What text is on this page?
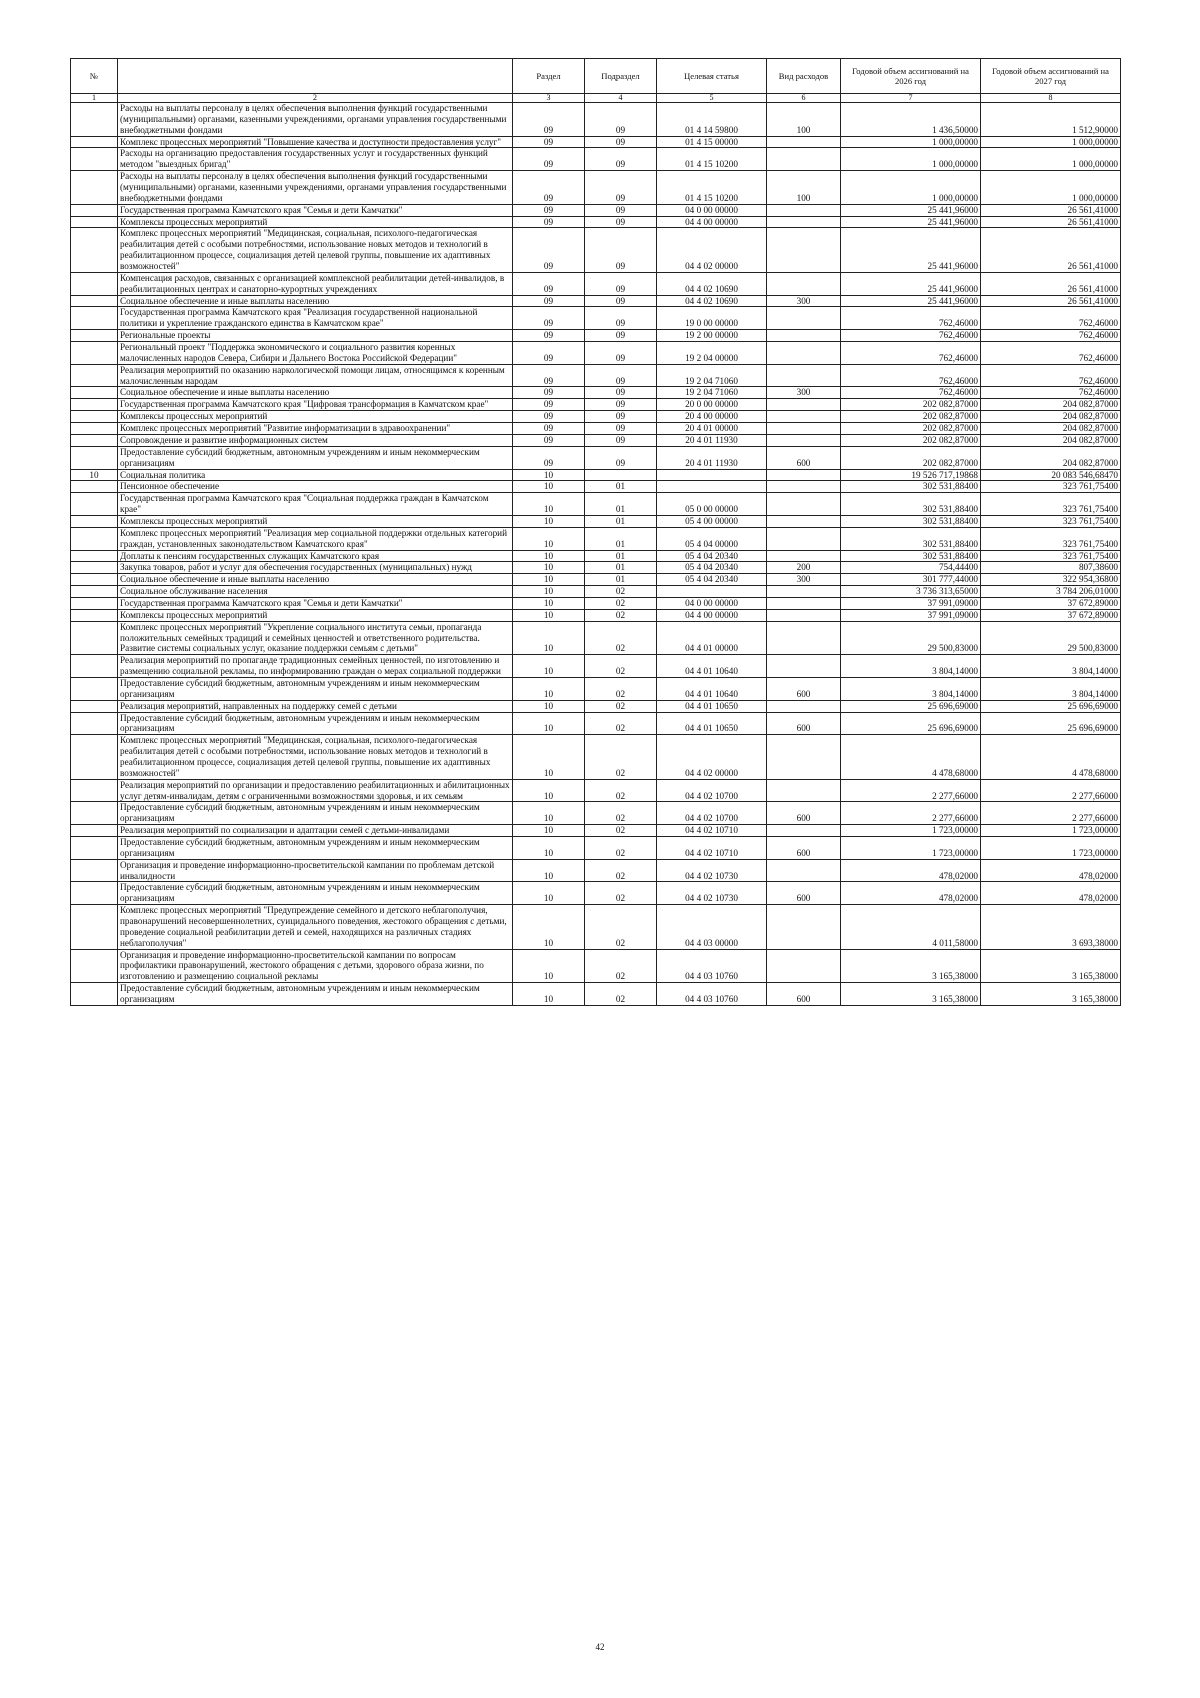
№		Раздел	Подраздел	Целевая статья	Вид расходов	Годовой объем ассигнований на 2026 год	Годовой объем ассигнований на 2027 год
1	2	3	4	5	6	7	8
	Расходы на выплаты персоналу в целях обеспечения выполнения функций государственными (муниципальными) органами, казенными учреждениями, органами управления государственными внебюджетными фондами	09	09	01 4 14 59800	100	1 436,50000	1 512,90000
	Комплекс процессных мероприятий "Повышение качества и доступности предоставления услуг"	09	09	01 4 15 00000		1 000,00000	1 000,00000
	Расходы на организацию предоставления государственных услуг и государственных функций методом "выездных бригад"	09	09	01 4 15 10200		1 000,00000	1 000,00000
	Расходы на выплаты персоналу в целях обеспечения выполнения функций государственными (муниципальными) органами, казенными учреждениями, органами управления государственными внебюджетными фондами	09	09	01 4 15 10200	100	1 000,00000	1 000,00000
	Государственная программа Камчатского края "Семья и дети Камчатки"	09	09	04 0 00 00000		25 441,96000	26 561,41000
	Комплексы процессных мероприятий	09	09	04 4 00 00000		25 441,96000	26 561,41000
	Комплекс процессных мероприятий "Медицинская, социальная, психолого-педагогическая реабилитация детей с особыми потребностями, использование новых методов и технологий в реабилитационном процессе, социализация детей целевой группы, повышение их адаптивных возможностей"	09	09	04 4 02 00000		25 441,96000	26 561,41000
	Компенсация расходов, связанных с организацией комплексной реабилитации детей-инвалидов, в реабилитационных центрах и санаторно-курортных учреждениях	09	09	04 4 02 10690		25 441,96000	26 561,41000
	Социальное обеспечение и иные выплаты населению	09	09	04 4 02 10690	300	25 441,96000	26 561,41000
	Государственная программа Камчатского края "Реализация государственной национальной политики и укрепление гражданского единства в Камчатском крае"	09	09	19 0 00 00000		762,46000	762,46000
	Региональные проекты	09	09	19 2 00 00000		762,46000	762,46000
	Региональный проект "Поддержка экономического и социального развития коренных малочисленных народов Севера, Сибири и Дальнего Востока Российской Федерации"	09	09	19 2 04 00000		762,46000	762,46000
	Реализация мероприятий по оказанию наркологической помощи лицам, относящимся к коренным малочисленным народам	09	09	19 2 04 71060		762,46000	762,46000
	Социальное обеспечение и иные выплаты населению	09	09	19 2 04 71060	300	762,46000	762,46000
	Государственная программа Камчатского края "Цифровая трансформация в Камчатском крае"	09	09	20 0 00 00000		202 082,87000	204 082,87000
	Комплексы процессных мероприятий	09	09	20 4 00 00000		202 082,87000	204 082,87000
	Комплекс процессных мероприятий "Развитие информатизации в здравоохранении"	09	09	20 4 01 00000		202 082,87000	204 082,87000
	Сопровождение и развитие информационных систем	09	09	20 4 01 11930		202 082,87000	204 082,87000
	Предоставление субсидий бюджетным, автономным учреждениям и иным некоммерческим организациям	09	09	20 4 01 11930	600	202 082,87000	204 082,87000
10	Социальная политика	10				19 526 717,19868	20 083 546,68470
	Пенсионное обеспечение	10	01			302 531,88400	323 761,75400
	Государственная программа Камчатского края "Социальная поддержка граждан в Камчатском крае"	10	01	05 0 00 00000		302 531,88400	323 761,75400
	Комплексы процессных мероприятий	10	01	05 4 00 00000		302 531,88400	323 761,75400
	Комплекс процессных мероприятий "Реализация мер социальной поддержки отдельных категорий граждан, установленных законодательством Камчатского края"	10	01	05 4 04 00000		302 531,88400	323 761,75400
	Доплаты к пенсиям государственных служащих Камчатского края	10	01	05 4 04 20340		302 531,88400	323 761,75400
	Закупка товаров, работ и услуг для обеспечения государственных (муниципальных) нужд	10	01	05 4 04 20340	200	754,44400	807,38600
	Социальное обеспечение и иные выплаты населению	10	01	05 4 04 20340	300	301 777,44000	322 954,36800
	Социальное обслуживание населения	10	02			3 736 313,65000	3 784 206,01000
	Государственная программа Камчатского края "Семья и дети Камчатки"	10	02	04 0 00 00000		37 991,09000	37 672,89000
	Комплексы процессных мероприятий	10	02	04 4 00 00000		37 991,09000	37 672,89000
	Комплекс процессных мероприятий "Укрепление социального института семьи, пропаганда положительных семейных традиций и семейных ценностей и ответственного родительства. Развитие системы социальных услуг, оказание поддержки семьям с детьми"	10	02	04 4 01 00000		29 500,83000	29 500,83000
	Реализация мероприятий по пропаганде традиционных семейных ценностей, по изготовлению и размещению социальной рекламы, по информированию граждан о мерах социальной поддержки	10	02	04 4 01 10640		3 804,14000	3 804,14000
	Предоставление субсидий бюджетным, автономным учреждениям и иным некоммерческим организациям	10	02	04 4 01 10640	600	3 804,14000	3 804,14000
	Реализация мероприятий, направленных на поддержку семей с детьми	10	02	04 4 01 10650		25 696,69000	25 696,69000
	Предоставление субсидий бюджетным, автономным учреждениям и иным некоммерческим организациям	10	02	04 4 01 10650	600	25 696,69000	25 696,69000
	Комплекс процессных мероприятий "Медицинская, социальная, психолого-педагогическая реабилитация детей с особыми потребностями, использование новых методов и технологий в реабилитационном процессе, социализация детей целевой группы, повышение их адаптивных возможностей"	10	02	04 4 02 00000		4 478,68000	4 478,68000
	Реализация мероприятий по организации и предоставлению реабилитационных и абилитационных услуг детям-инвалидам, детям с ограниченными возможностями здоровья, и их семьям	10	02	04 4 02 10700		2 277,66000	2 277,66000
	Предоставление субсидий бюджетным, автономным учреждениям и иным некоммерческим организациям	10	02	04 4 02 10700	600	2 277,66000	2 277,66000
	Реализация мероприятий по социализации и адаптации семей с детьми-инвалидами	10	02	04 4 02 10710		1 723,00000	1 723,00000
	Предоставление субсидий бюджетным, автономным учреждениям и иным некоммерческим организациям	10	02	04 4 02 10710	600	1 723,00000	1 723,00000
	Организация и проведение информационно-просветительской кампании по проблемам детской инвалидности	10	02	04 4 02 10730		478,02000	478,02000
	Предоставление субсидий бюджетным, автономным учреждениям и иным некоммерческим организациям	10	02	04 4 02 10730	600	478,02000	478,02000
	Комплекс процессных мероприятий "Предупреждение семейного и детского неблагополучия, правонарушений несовершеннолетних, суицидального поведения, жестокого обращения с детьми, проведение социальной реабилитации детей и семей, находящихся на различных стадиях неблагополучия"	10	02	04 4 03 00000		4 011,58000	3 693,38000
	Организация и проведение информационно-просветительской кампании по вопросам профилактики правонарушений, жестокого обращения с детьми, здорового образа жизни, по изготовлению и размещению социальной рекламы	10	02	04 4 03 10760		3 165,38000	3 165,38000
	Предоставление субсидий бюджетным, автономным учреждениям и иным некоммерческим организациям	10	02	04 4 03 10760	600	3 165,38000	3 165,38000
42
